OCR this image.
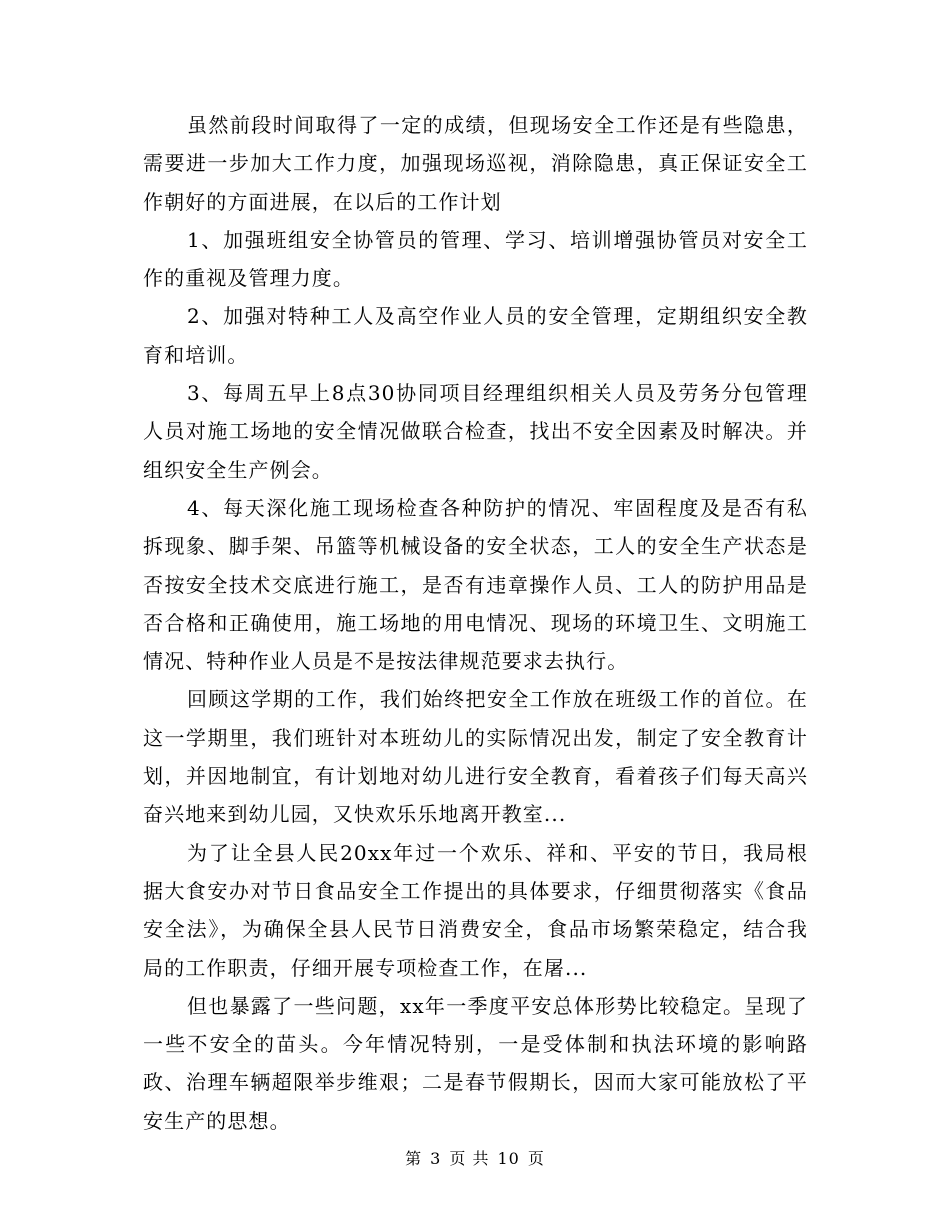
虽然前段时间取得了一定的成绩，但现场安全工作还是有些隐患，需要进一步加大工作力度，加强现场巡视，消除隐患，真正保证安全工作朝好的方面进展，在以后的工作计划

1、加强班组安全协管员的管理、学习、培训增强协管员对安全工作的重视及管理力度。

2、加强对特种工人及高空作业人员的安全管理，定期组织安全教育和培训。

3、每周五早上8点30协同项目经理组织相关人员及劳务分包管理人员对施工场地的安全情况做联合检查，找出不安全因素及时解决。并组织安全生产例会。

4、每天深化施工现场检查各种防护的情况、牢固程度及是否有私拆现象、脚手架、吊篮等机械设备的安全状态，工人的安全生产状态是否按安全技术交底进行施工，是否有违章操作人员、工人的防护用品是否合格和正确使用，施工场地的用电情况、现场的环境卫生、文明施工情况、特种作业人员是不是按法律规范要求去执行。

回顾这学期的工作，我们始终把安全工作放在班级工作的首位。在这一学期里，我们班针对本班幼儿的实际情况出发，制定了安全教育计划，并因地制宜，有计划地对幼儿进行安全教育，看着孩子们每天高兴奋兴地来到幼儿园，又快欢乐乐地离开教室...

为了让全县人民20xx年过一个欢乐、祥和、平安的节日，我局根据大食安办对节日食品安全工作提出的具体要求，仔细贯彻落实《食品安全法》，为确保全县人民节日消费安全，食品市场繁荣稳定，结合我局的工作职责，仔细开展专项检查工作，在屠...

但也暴露了一些问题，xx年一季度平安总体形势比较稳定。呈现了一些不安全的苗头。今年情况特别，一是受体制和执法环境的影响路政、治理车辆超限举步维艰；二是春节假期长，因而大家可能放松了平安生产的思想。

第 3 页 共 10 页
